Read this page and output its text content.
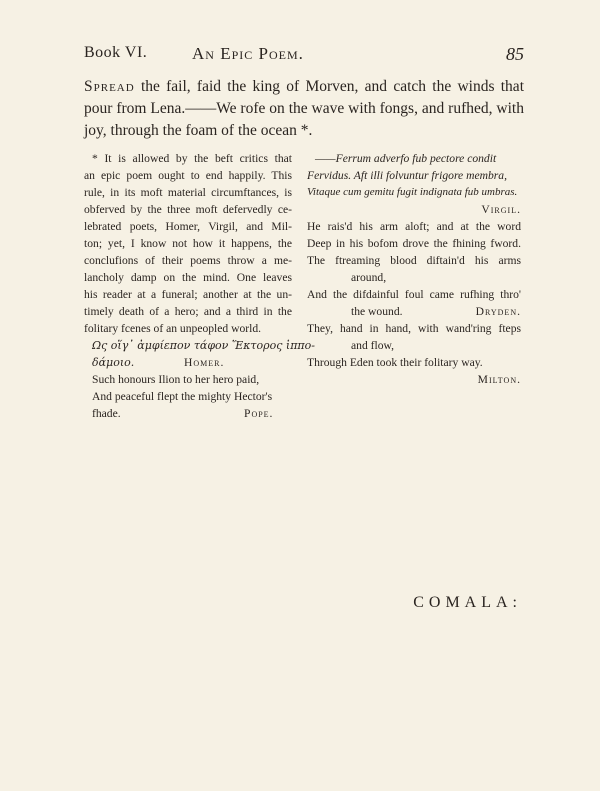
Book VI.	An Epic Poem.	85

Spread the fail, faid the king of Morven, and catch the winds that pour from Lena.——We rofe on the wave with fongs, and rufhed, with joy, through the foam of the ocean *.

* It is allowed by the beft critics that
an epic poem ought to end happily. This
rule, in its moft material circumftances, is
obferved by the three moft defervedly ce-
lebrated poets, Homer, Virgil, and Mil-
ton; yet, I know not how it happens, the
conclufions of their poems throw a me-
lancholy damp on the mind. One leaves
his reader at a funeral; another at the un-
timely death of a hero; and a third in the
folitary fcenes of an unpeopled world.
Ως οἵγ᾽ ἀμφίεπον τάφον Ἕκτορος ἱππο-
δάμοιο.	Homer.
Such honours Ilion to her hero paid,
And peaceful flept the mighty Hector's
fhade.	Pope.
——Ferrum adverfo fub pectore condit
Fervidus. Aft illi folvuntur frigore membra,
Vitaque cum gemitu fugit indignata fub umbras.
Virgil.
He rais'd his arm aloft; and at the word
Deep in his bofom drove the fhining fword.
The ftreaming blood diftain'd his arms
around,
And the difdainful foul came rufhing thro'
the wound.	Dryden.
They, hand in hand, with wand'ring fteps
and flow,
Through Eden took their folitary way.
Milton.
COMALA:
